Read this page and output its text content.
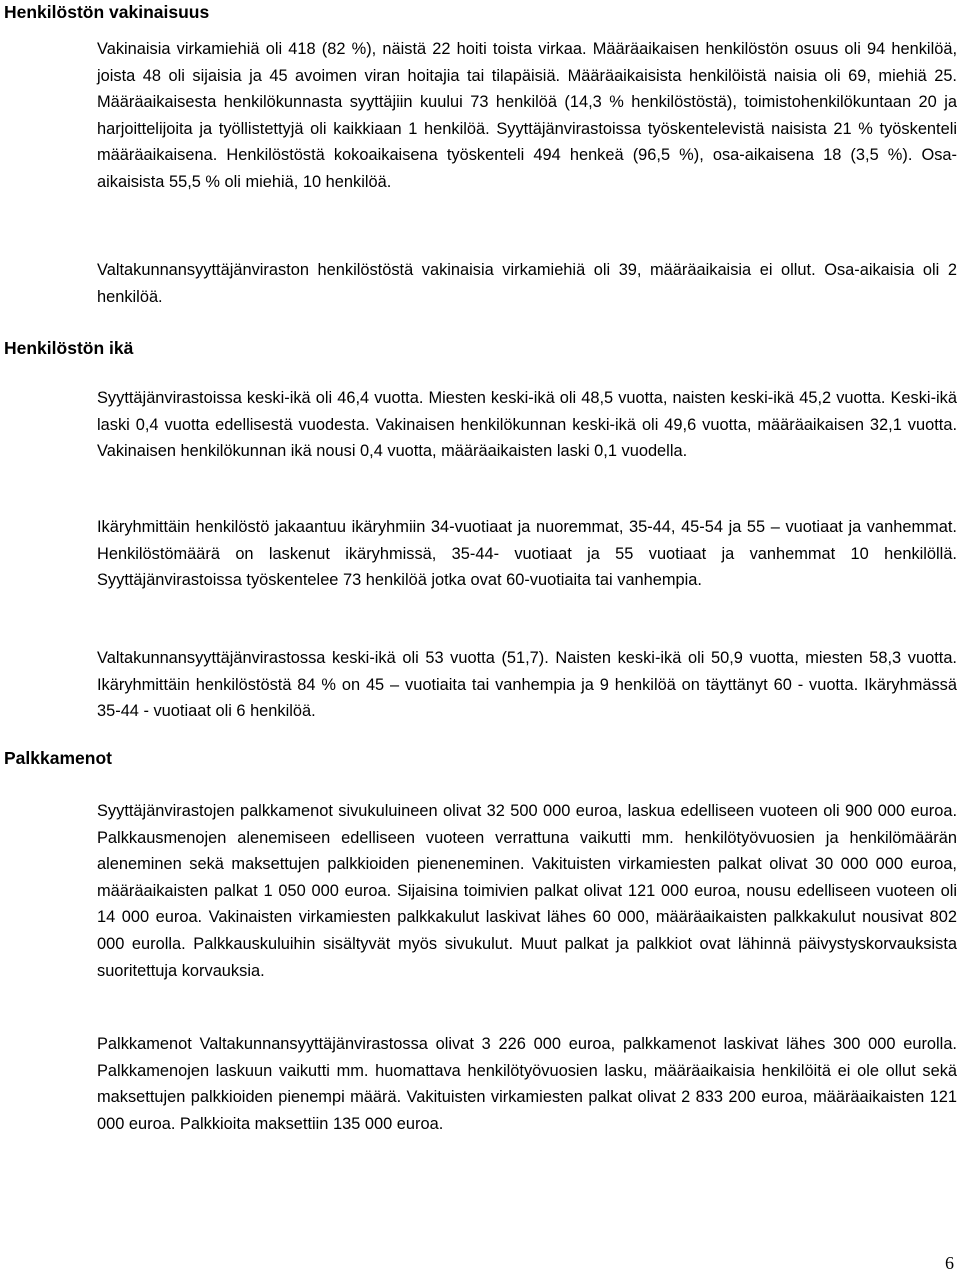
Henkilöstön vakinaisuus

Vakinaisia virkamiehiä oli 418 (82 %), näistä 22 hoiti toista virkaa. Määräaikaisen henkilöstön osuus oli 94 henkilöä, joista 48 oli sijaisia ja 45 avoimen viran hoitajia tai tilapäisiä. Määräaikaisista henkilöistä naisia oli 69, miehiä 25. Määräaikaisesta henkilökunnasta syyttäjiin kuului 73 henkilöä (14,3 % henkilöstöstä), toimistohenkilökuntaan 20 ja harjoittelijoita ja työllistettyjä oli kaikkiaan 1 henkilöä. Syyttäjänvirastoissa työskentelevistä naisista 21 % työskenteli määräaikaisena. Henkilöstöstä kokoaikaisena työskenteli 494 henkeä (96,5 %), osa-aikaisena 18 (3,5 %). Osa-aikaisista 55,5 % oli miehiä, 10 henkilöä.

Valtakunnansyyttäjänviraston henkilöstöstä vakinaisia virkamiehiä oli 39, määräaikaisia ei ollut. Osa-aikaisia oli 2 henkilöä.

Henkilöstön ikä

Syyttäjänvirastoissa keski-ikä oli 46,4 vuotta. Miesten keski-ikä oli 48,5 vuotta, naisten keski-ikä 45,2 vuotta. Keski-ikä laski 0,4 vuotta edellisestä vuodesta. Vakinaisen henkilökunnan keski-ikä oli 49,6 vuotta, määräaikaisen 32,1 vuotta. Vakinaisen henkilökunnan ikä nousi 0,4 vuotta, määräaikaisten laski 0,1 vuodella.

Ikäryhmittäin henkilöstö jakaantuu ikäryhmiin 34-vuotiaat ja nuoremmat, 35-44, 45-54 ja 55 – vuotiaat ja vanhemmat. Henkilöstömäärä on laskenut ikäryhmissä, 35-44- vuotiaat ja 55 vuotiaat ja vanhemmat 10 henkilöllä. Syyttäjänvirastoissa työskentelee 73 henkilöä jotka ovat 60-vuotiaita tai vanhempia.

Valtakunnansyyttäjänvirastossa keski-ikä oli 53 vuotta (51,7). Naisten keski-ikä oli 50,9 vuotta, miesten 58,3 vuotta. Ikäryhmittäin henkilöstöstä 84 % on 45 – vuotiaita tai vanhempia ja 9 henkilöä on täyttänyt 60 - vuotta. Ikäryhmässä 35-44 - vuotiaat oli 6 henkilöä.

Palkkamenot

Syyttäjänvirastojen palkkamenot sivukuluineen olivat 32 500 000 euroa, laskua edelliseen vuoteen oli 900 000 euroa. Palkkausmenojen alenemiseen edelliseen vuoteen verrattuna vaikutti mm. henkilötyövuosien ja henkilömäärän aleneminen sekä maksettujen palkkioiden pieneneminen. Vakituisten virkamiesten palkat olivat 30 000 000 euroa, määräaikaisten palkat 1 050 000 euroa. Sijaisina toimivien palkat olivat 121 000 euroa, nousu edelliseen vuoteen oli 14 000 euroa. Vakinaisten virkamiesten palkkakulut laskivat lähes 60 000, määräaikaisten palkkakulut nousivat 802 000 eurolla. Palkkauskuluihin sisältyvät myös sivukulut. Muut palkat ja palkkiot ovat lähinnä päivystyskorvauksista suoritettuja korvauksia.

Palkkamenot Valtakunnansyyttäjänvirastossa olivat 3 226 000 euroa, palkkamenot laskivat lähes 300 000 eurolla. Palkkamenojen laskuun vaikutti mm. huomattava henkilötyövuosien lasku, määräaikaisia henkilöitä ei ole ollut sekä maksettujen palkkioiden pienempi määrä. Vakituisten virkamiesten palkat olivat 2 833 200 euroa, määräaikaisten 121 000 euroa. Palkkioita maksettiin 135 000 euroa.

6
